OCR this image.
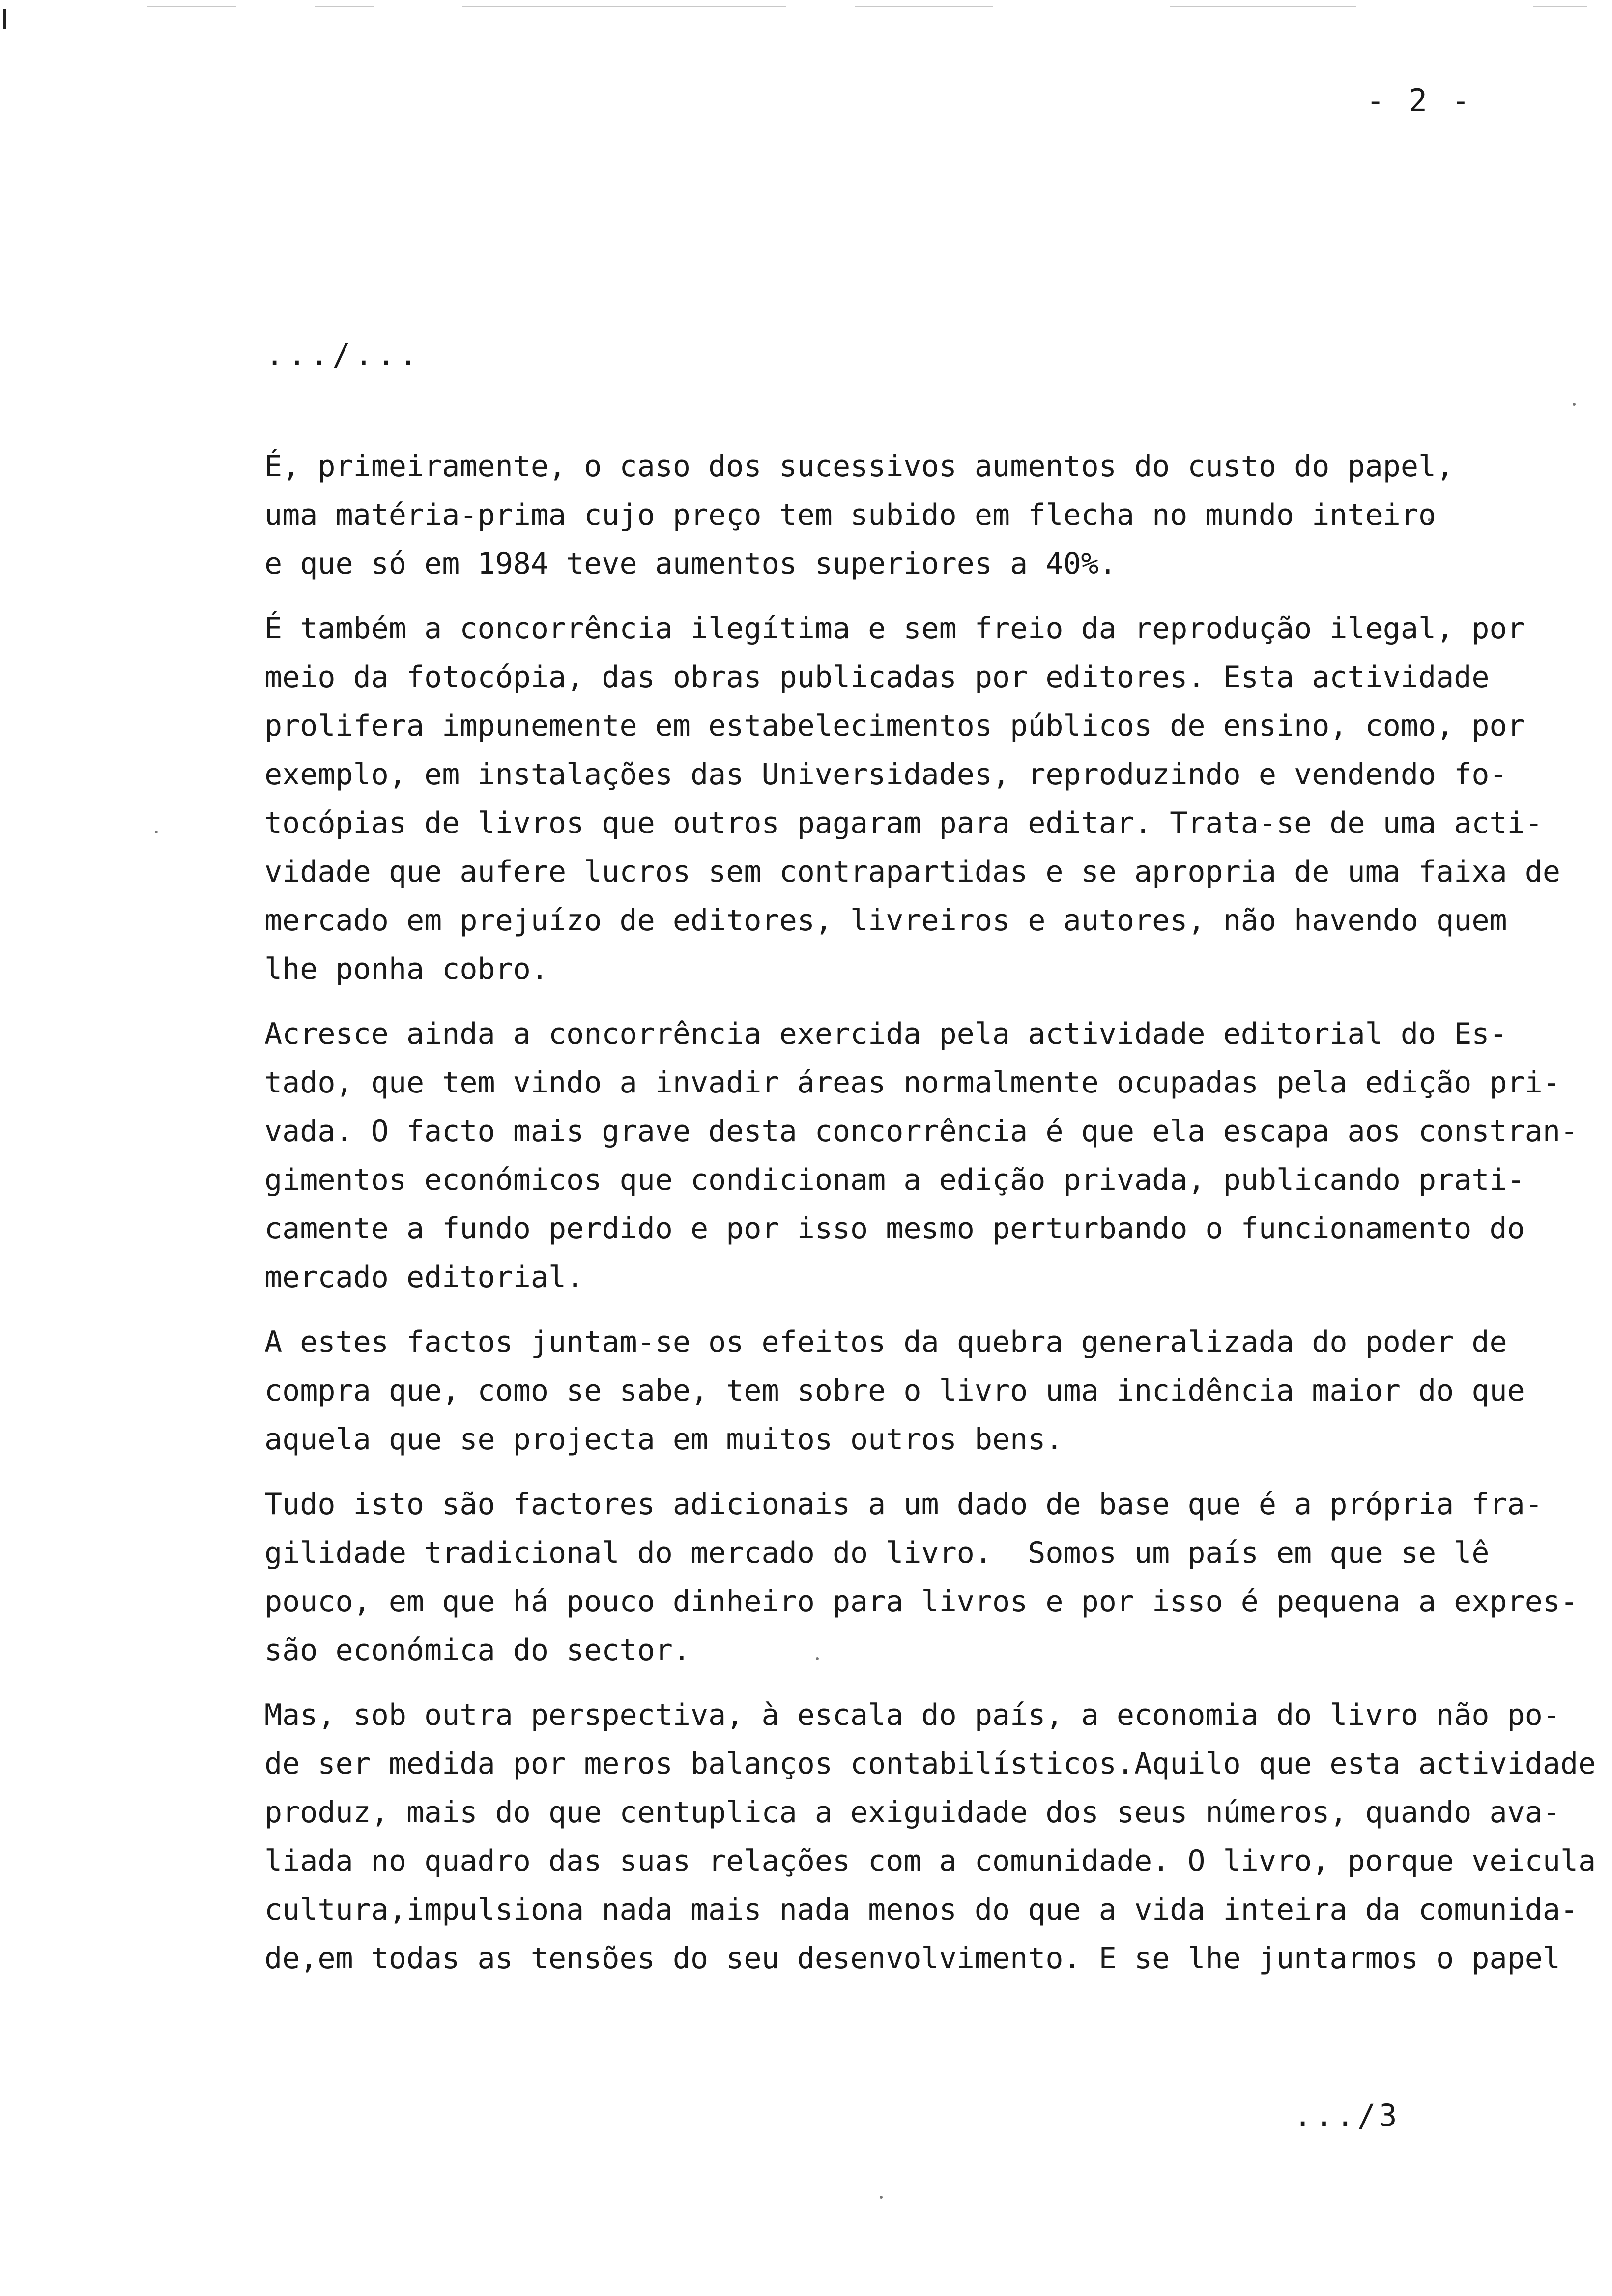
- 2 -
.../...
É, primeiramente, o caso dos sucessivos aumentos do custo do papel,
uma matéria-prima cujo preço tem subido em flecha no mundo inteiro
e que só em 1984 teve aumentos superiores a 40%.
É também a concorrência ilegítima e sem freio da reprodução ilegal, por
meio da fotocópia, das obras publicadas por editores. Esta actividade
prolifera impunemente em estabelecimentos públicos de ensino, como, por
exemplo, em instalações das Universidades, reproduzindo e vendendo fo-
tocópias de livros que outros pagaram para editar. Trata-se de uma acti-
vidade que aufere lucros sem contrapartidas e se apropria de uma faixa de
mercado em prejuízo de editores, livreiros e autores, não havendo quem
lhe ponha cobro.
Acresce ainda a concorrência exercida pela actividade editorial do Es-
tado, que tem vindo a invadir áreas normalmente ocupadas pela edição pri-
vada. O facto mais grave desta concorrência é que ela escapa aos constran-
gimentos económicos que condicionam a edição privada, publicando prati-
camente a fundo perdido e por isso mesmo perturbando o funcionamento do
mercado editorial.
A estes factos juntam-se os efeitos da quebra generalizada do poder de
compra que, como se sabe, tem sobre o livro uma incidência maior do que
aquela que se projecta em muitos outros bens.
Tudo isto são factores adicionais a um dado de base que é a própria fra-
gilidade tradicional do mercado do livro.  Somos um país em que se lê
pouco, em que há pouco dinheiro para livros e por isso é pequena a expres-
são económica do sector.
Mas, sob outra perspectiva, à escala do país, a economia do livro não po-
de ser medida por meros balanços contabilísticos.Aquilo que esta actividade
produz, mais do que centuplica a exiguidade dos seus números, quando ava-
liada no quadro das suas relações com a comunidade. O livro, porque veicula
cultura,impulsiona nada mais nada menos do que a vida inteira da comunida-
de,em todas as tensões do seu desenvolvimento. E se lhe juntarmos o papel
.../3
